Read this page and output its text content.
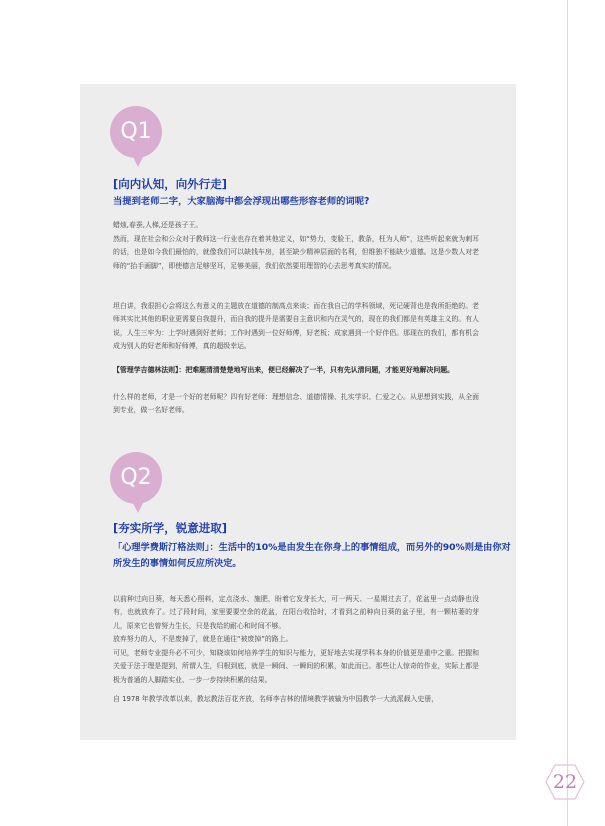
Q1
[向内认知，向外行走]
当提到老师二字，大家脑海中都会浮现出哪些形容老师的词呢?

蜡烛,春蚕,人梯,还是孩子王。

然而，现在社会和公众对于教师这一行业也存在着其他定义，如“势力，变脸王，教条，枉为人师”，这些听起来就为刺耳的话，也是如今我们最怕的，就像我们可以缺钱车房，甚至缺少精神层面的名利，但维独不能缺少道德。这是少数人对老师的“抬手画脚”，即使德言足够坚耳，足够美丽，我们依然要用理智的心去思考真实的情况。

坦白讲，我很担心会将这么有意义的主题放在道德的制高点来谈；而在我自己的学科领域，死记硬背也是我所拒绝的。老师其实比其他的职业更需要自我提升，而自我的提升是需要自主意识和内在灵气的，现在的我们都是有英雄主义的。有人说，人生三牢为：上学时遇到好老师；工作时遇到一位好师傅，好老板；成家遇到一个好伴侣。那现在的我们，都有机会成为别人的好老师和好师傅，真的超级幸运。

【管理学吉德林法则】：把难题清清楚楚地写出来，便已经解决了一半，只有先认清问题，才能更好地解决问题。

什么样的老师，才是一个好的老师呢？四有好老师：理想信念、道德情操、扎实学识、仁爱之心。从思想到实践，从全面到专业，做一名好老师。

Q2
[夯实所学，锐意进取]
「心理学费斯汀格法则」：生活中的10%是由发生在你身上的事情组成，而另外的90%则是由你对所发生的事情如何反应所决定。

以前种过向日葵，每天悉心照料，定点浇水、施肥，盼着它发芽长大，可一两天、一星期过去了，花盆里一点动静也没有，也就放弃了。过了段时间，家里要要空余的花盆，在阳台收拾时，才看到之前种向日葵的盆子里，有一颗枯萎的芽儿，原来它也曾努力生长，只是我给的耐心和时间不够。

放弃努力的人，不是废掉了，就是在通往“被废掉”的路上。

可见，老师专业提升必不可少，知晓该如何培养学生的知识与能力，更好地去实现学科本身的价值更是重中之重。把握和关爱于法于理是提到，所谓人生，归根到底，就是一瞬间、一瞬间的积累，如此而已。那些让人惊奇的作业，实际上都是极为普通的人脚踏实业、一步一步持续积累的结果。

自 1978 年教学改革以来，教坛教法百花齐放，名师李吉林的情境教学被输为中国教学一大流派载入史册，

22
